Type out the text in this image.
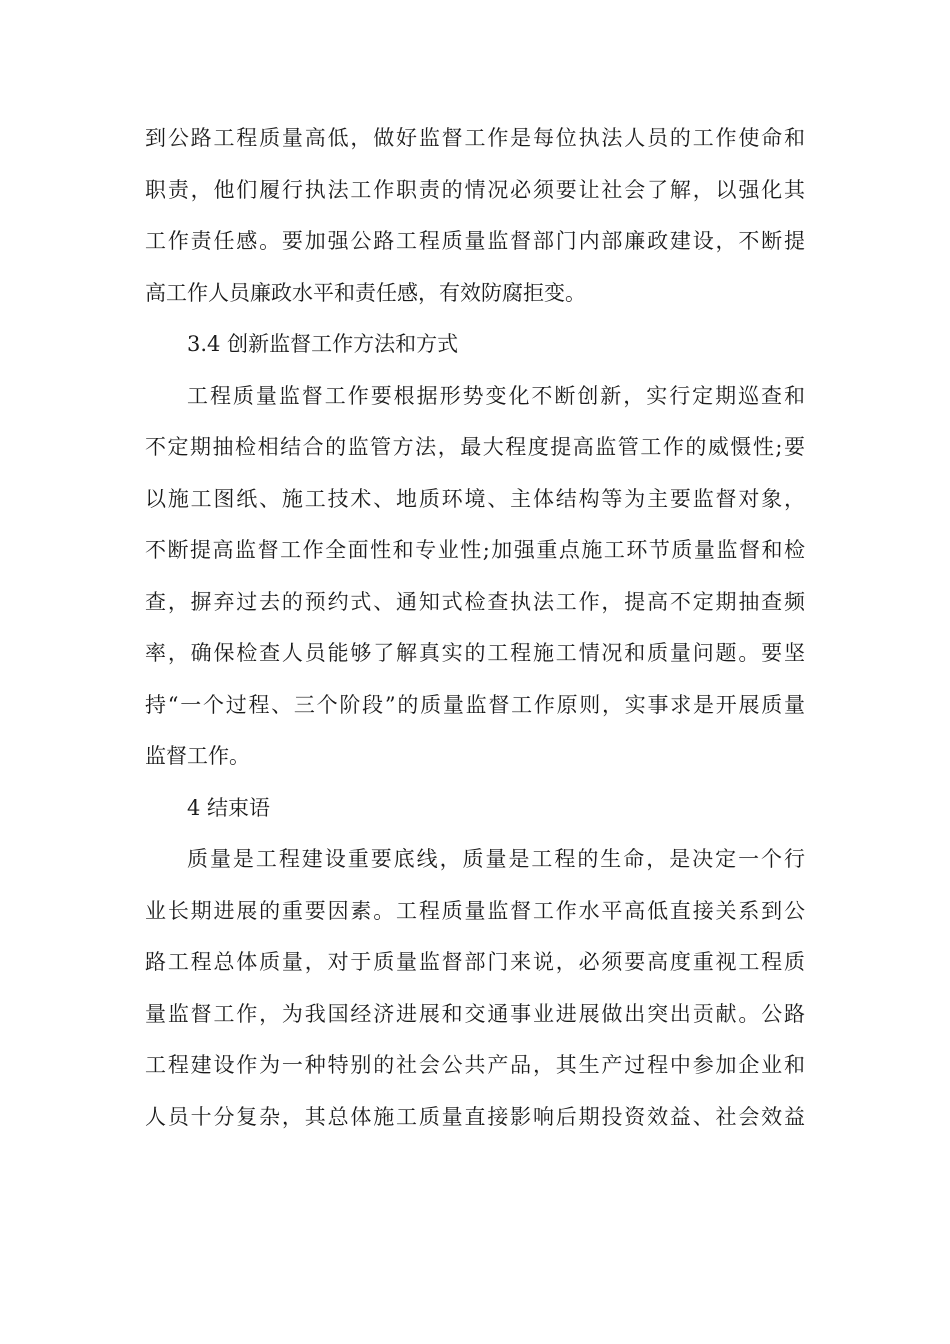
到公路工程质量高低，做好监督工作是每位执法人员的工作使命和
职责，他们履行执法工作职责的情况必须要让社会了解，以强化其
工作责任感。要加强公路工程质量监督部门内部廉政建设，不断提
高工作人员廉政水平和责任感，有效防腐拒变。
3.4 创新监督工作方法和方式
工程质量监督工作要根据形势变化不断创新，实行定期巡查和
不定期抽检相结合的监管方法，最大程度提高监管工作的威慑性;要
以施工图纸、施工技术、地质环境、主体结构等为主要监督对象，
不断提高监督工作全面性和专业性;加强重点施工环节质量监督和检
查，摒弃过去的预约式、通知式检查执法工作，提高不定期抽查频
率，确保检查人员能够了解真实的工程施工情况和质量问题。要坚
持“一个过程、三个阶段”的质量监督工作原则，实事求是开展质量
监督工作。
4 结束语
质量是工程建设重要底线，质量是工程的生命，是决定一个行
业长期进展的重要因素。工程质量监督工作水平高低直接关系到公
路工程总体质量，对于质量监督部门来说，必须要高度重视工程质
量监督工作，为我国经济进展和交通事业进展做出突出贡献。公路
工程建设作为一种特别的社会公共产品，其生产过程中参加企业和
人员十分复杂，其总体施工质量直接影响后期投资效益、社会效益
